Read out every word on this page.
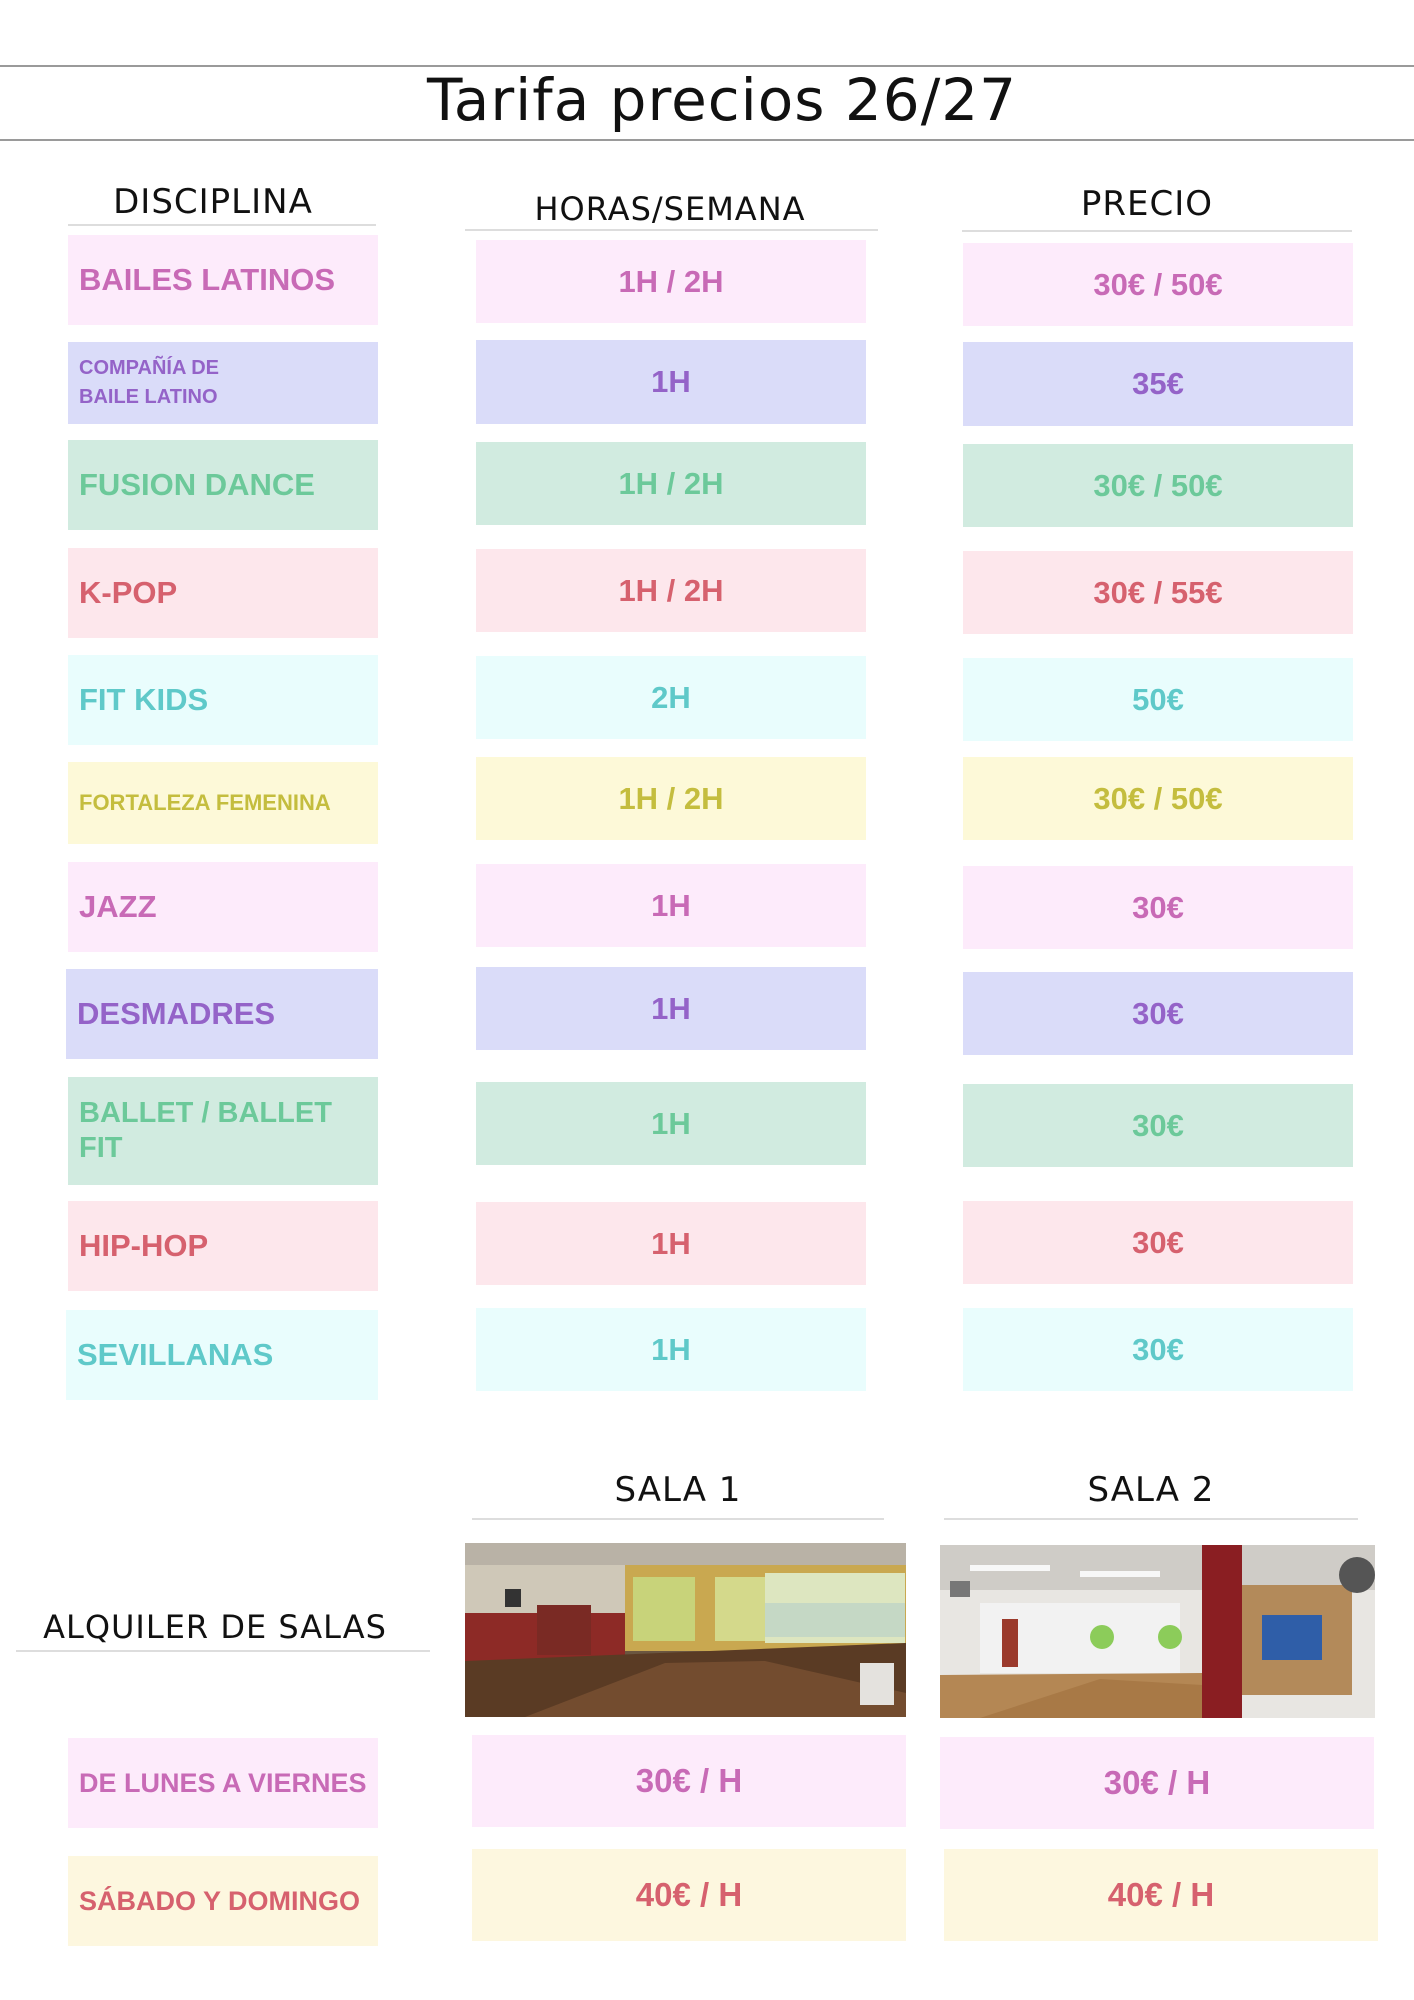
Tarifa precios 26/27
DISCIPLINA	HORAS/SEMANA	PRECIO
BAILES LATINOS	1H / 2H	30€ / 50€
COMPAÑÍA DE
BAILE LATINO	1H	35€
FUSION DANCE	1H / 2H	30€ / 50€
K-POP	1H / 2H	30€ / 55€
FIT KIDS	2H	50€
FORTALEZA FEMENINA	1H / 2H	30€ / 50€
JAZZ	1H	30€
DESMADRES	1H	30€
BALLET / BALLET
FIT
1H	30€
HIP-HOP	1H	30€
SEVILLANAS	1H	30€
SALA 1	SALA 2
ALQUILER DE SALAS
DE LUNES A VIERNES	30€ / H	30€ / H
SÁBADO Y DOMINGO	40€ / H	40€ / H
